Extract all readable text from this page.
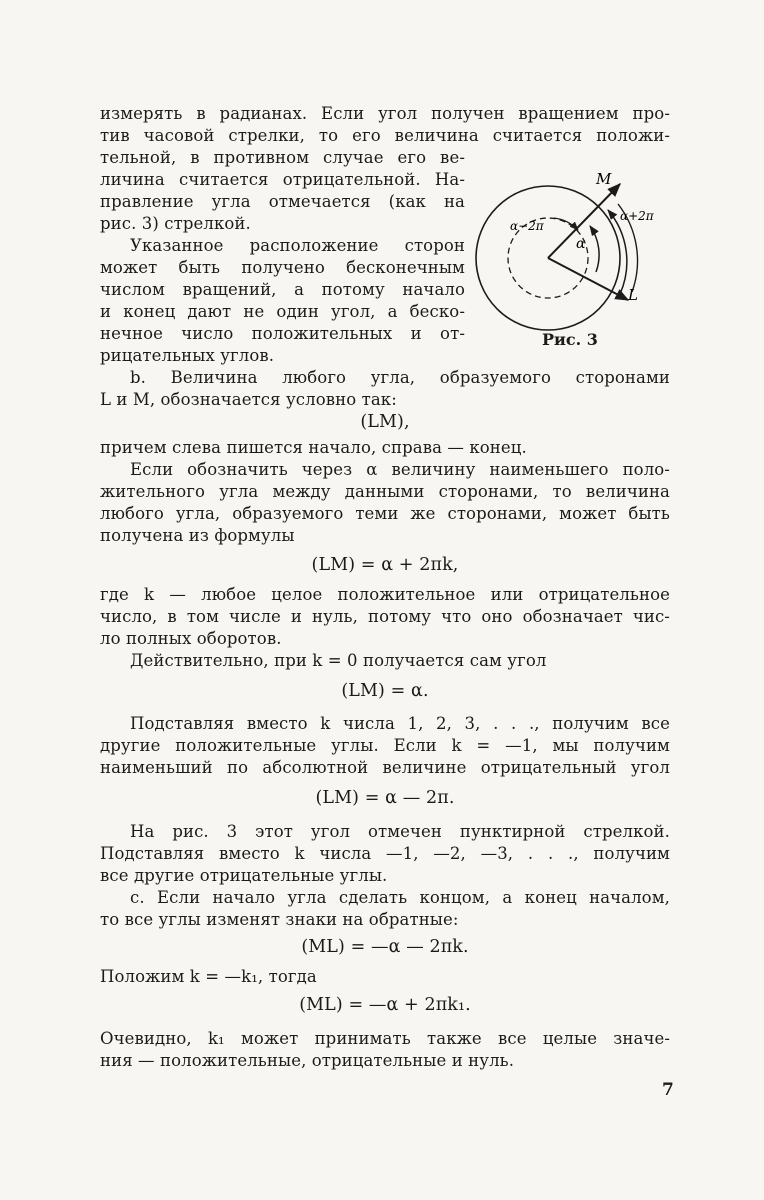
измерять в радианах. Если угол получен вращением про-
тив часовой стрелки, то его величина считается положи-
тельной, в противном случае его ве-
личина считается отрицательной. На-
правление угла отмечается (как на
рис. 3) стрелкой.
Указанное расположение сторон
может быть получено бесконечным
числом вращений, а потому начало
и конец дают не один угол, а беско-
нечное число положительных и от-
рицательных углов.
M
L
α
α−2π
α+2π
Рис. 3
b. Величина любого угла, образуемого сторонами
L и M, обозначается условно так:
(LM),
причем слева пишется начало, справа — конец.
Если обозначить через α величину наименьшего поло-
жительного угла между данными сторонами, то величина
любого угла, образуемого теми же сторонами, может быть
получена из формулы
(LM) = α + 2πk,
где k — любое целое положительное или отрицательное
число, в том числе и нуль, потому что оно обозначает чис-
ло полных оборотов.
Действительно, при k = 0 получается сам угол
(LM) = α.
Подставляя вместо k числа 1, 2, 3, . . ., получим все
другие положительные углы. Если k = —1, мы получим
наименьший по абсолютной величине отрицательный угол
(LM) = α — 2π.
На рис. 3 этот угол отмечен пунктирной стрелкой.
Подставляя вместо k числа —1, —2, —3, . . ., получим
все другие отрицательные углы.
c. Если начало угла сделать концом, а конец началом,
то все углы изменят знаки на обратные:
(ML) = —α — 2πk.
Положим k = —k₁, тогда
(ML) = —α + 2πk₁.
Очевидно, k₁ может принимать также все целые значе-
ния — положительные, отрицательные и нуль.
7
